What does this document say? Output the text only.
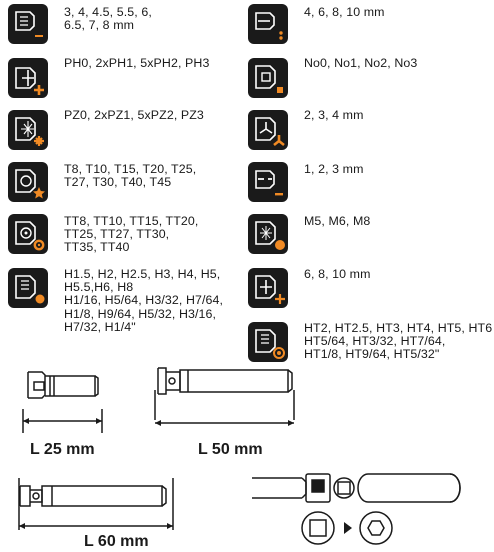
3, 4, 4.5, 5.5, 6,
6.5, 7, 8 mm
PH0, 2xPH1, 5xPH2, PH3
PZ0, 2xPZ1, 5xPZ2, PZ3
T8, T10, T15, T20, T25,
T27, T30, T40, T45
TT8, TT10, TT15, TT20,
TT25, TT27, TT30,
TT35, TT40
H1.5, H2, H2.5, H3, H4, H5,
H5.5,H6, H8
H1/16, H5/64, H3/32, H7/64,
H1/8, H9/64, H5/32, H3/16,
H7/32, H1/4"
4, 6, 8, 10 mm
No0, No1, No2, No3
2, 3, 4 mm
1, 2, 3 mm
M5, M6, M8
6, 8, 10 mm
HT2, HT2.5, HT3, HT4, HT5, HT6
HT5/64, HT3/32, HT7/64,
HT1/8, HT9/64, HT5/32"
L 25 mm	L 50 mm
L 60 mm
